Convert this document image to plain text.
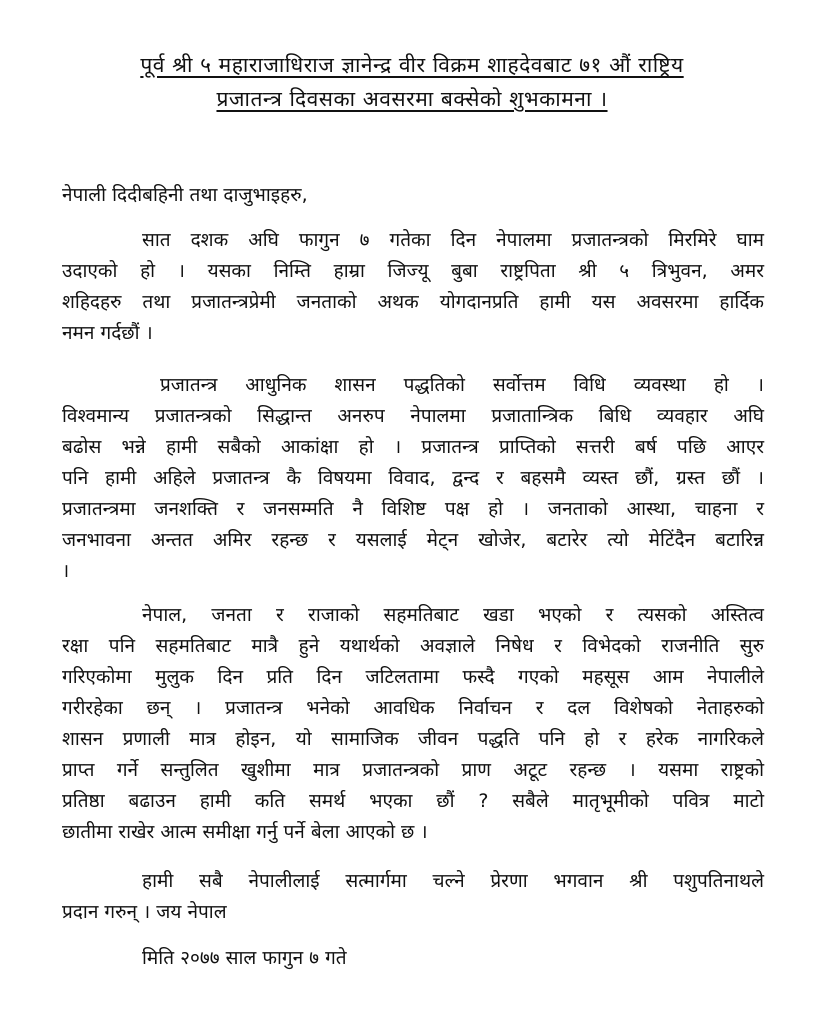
पूर्व श्री ५ महाराजाधिराज ज्ञानेन्द्र वीर विक्रम शाहदेवबाट ७१ औं राष्ट्रिय
प्रजातन्त्र दिवसका अवसरमा बक्सेको शुभकामना ।
नेपाली दिदीबहिनी तथा दाजुभाइहरु,
सात दशक अघि फागुन ७ गतेका दिन नेपालमा प्रजातन्त्रको मिरमिरे घाम
उदाएको हो । यसका निम्ति हाम्रा जिज्यू बुबा राष्ट्रपिता श्री ५ त्रिभुवन, अमर
शहिदहरु तथा प्रजातन्त्रप्रेमी जनताको अथक योगदानप्रति हामी यस अवसरमा हार्दिक
नमन गर्दछौं ।
प्रजातन्त्र आधुनिक शासन पद्धतिको सर्वोत्तम विधि व्यवस्था हो ।
विश्वमान्य प्रजातन्त्रको सिद्धान्त अनरुप नेपालमा प्रजातान्त्रिक बिधि व्यवहार अघि
बढोस भन्ने हामी सबैको आकांक्षा हो । प्रजातन्त्र प्राप्तिको सत्तरी बर्ष पछि आएर
पनि हामी अहिले प्रजातन्त्र कै विषयमा विवाद, द्वन्द र बहसमै व्यस्त छौं, ग्रस्त छौं ।
प्रजातन्त्रमा जनशक्ति र जनसम्मति नै विशिष्ट पक्ष हो । जनताको आस्था, चाहना र
जनभावना अन्तत अमिर रहन्छ र यसलाई मेट्न खोजेर, बटारेर त्यो मेटिंदैन बटारिन्न
।
नेपाल, जनता र राजाको सहमतिबाट खडा भएको र त्यसको अस्तित्व
रक्षा पनि सहमतिबाट मात्रै हुने यथार्थको अवज्ञाले निषेध र विभेदको राजनीति सुरु
गरिएकोमा मुलुक दिन प्रति दिन जटिलतामा फस्दै गएको महसूस आम नेपालीले
गरीरहेका छन् । प्रजातन्त्र भनेको आवधिक निर्वाचन र दल विशेषको नेताहरुको
शासन प्रणाली मात्र होइन, यो सामाजिक जीवन पद्धति पनि हो र हरेक नागरिकले
प्राप्त गर्ने सन्तुलित खुशीमा मात्र प्रजातन्त्रको प्राण अटूट रहन्छ । यसमा राष्ट्रको
प्रतिष्ठा बढाउन हामी कति समर्थ भएका छौं ? सबैले मातृभूमीको पवित्र माटो
छातीमा राखेर आत्म समीक्षा गर्नु पर्ने बेला आएको छ ।
हामी सबै नेपालीलाई सत्मार्गमा चल्ने प्रेरणा भगवान श्री पशुपतिनाथले
प्रदान गरुन् । जय नेपाल
मिति २०७७ साल फागुन ७ गते
